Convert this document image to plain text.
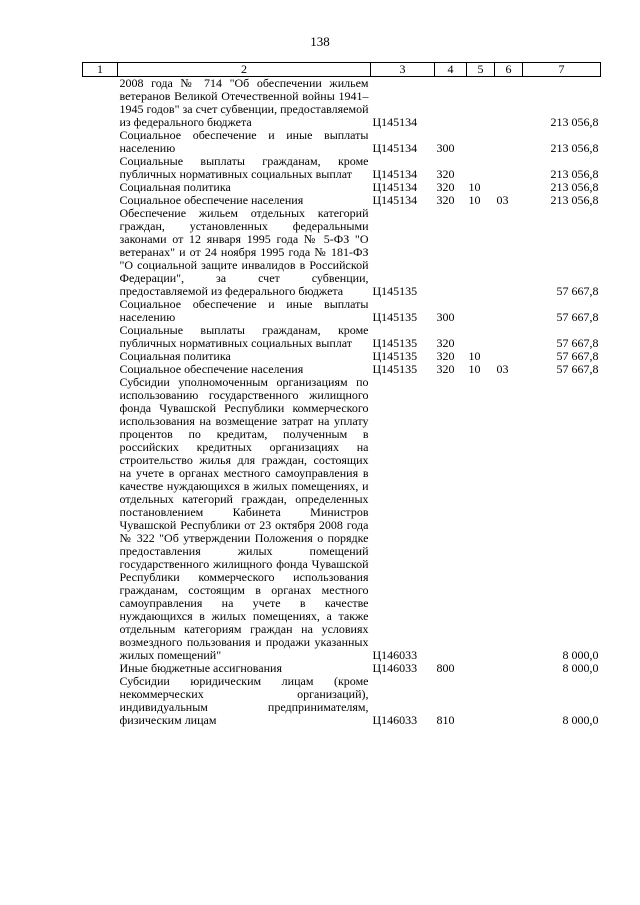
138
1	2	3	4	5	6	7
	2008 года № 714 "Об обеспечении жильем ветеранов Великой Отечественной войны 1941–1945 годов" за счет субвенции, предоставляемой из федерального бюджета	Ц145134				213 056,8
	Социальное обеспечение и иные выплаты населению	Ц145134	300			213 056,8
	Социальные выплаты гражданам, кроме публичных нормативных социальных выплат	Ц145134	320			213 056,8
	Социальная политика	Ц145134	320	10		213 056,8
	Социальное обеспечение населения	Ц145134	320	10	03	213 056,8
	Обеспечение жильем отдельных категорий граждан, установленных федеральными законами от 12 января 1995 года № 5-ФЗ "О ветеранах" и от 24 ноября 1995 года № 181-ФЗ "О социальной защите инвалидов в Российской Федерации", за счет субвенции, предоставляемой из федерального бюджета	Ц145135				57 667,8
	Социальное обеспечение и иные выплаты населению	Ц145135	300			57 667,8
	Социальные выплаты гражданам, кроме публичных нормативных социальных выплат	Ц145135	320			57 667,8
	Социальная политика	Ц145135	320	10		57 667,8
	Социальное обеспечение населения	Ц145135	320	10	03	57 667,8
	Субсидии уполномоченным организациям по использованию государственного жилищного фонда Чувашской Республики коммерческого использования на возмещение затрат на уплату процентов по кредитам, полученным в российских кредитных организациях на строительство жилья для граждан, состоящих на учете в органах местного самоуправления в качестве нуждающихся в жилых помещениях, и отдельных категорий граждан, определенных постановлением Кабинета Министров Чувашской Республики от 23 октября 2008 года № 322 "Об утверждении Положения о порядке предоставления жилых помещений государственного жилищного фонда Чувашской Республики коммерческого использования гражданам, состоящим в органах местного самоуправления на учете в качестве нуждающихся в жилых помещениях, а также отдельным категориям граждан на условиях возмездного пользования и продажи указанных жилых помещений"	Ц146033				8 000,0
	Иные бюджетные ассигнования	Ц146033	800			8 000,0
	Субсидии юридическим лицам (кроме некоммерческих организаций), индивидуальным предпринимателям, физическим лицам	Ц146033	810			8 000,0
